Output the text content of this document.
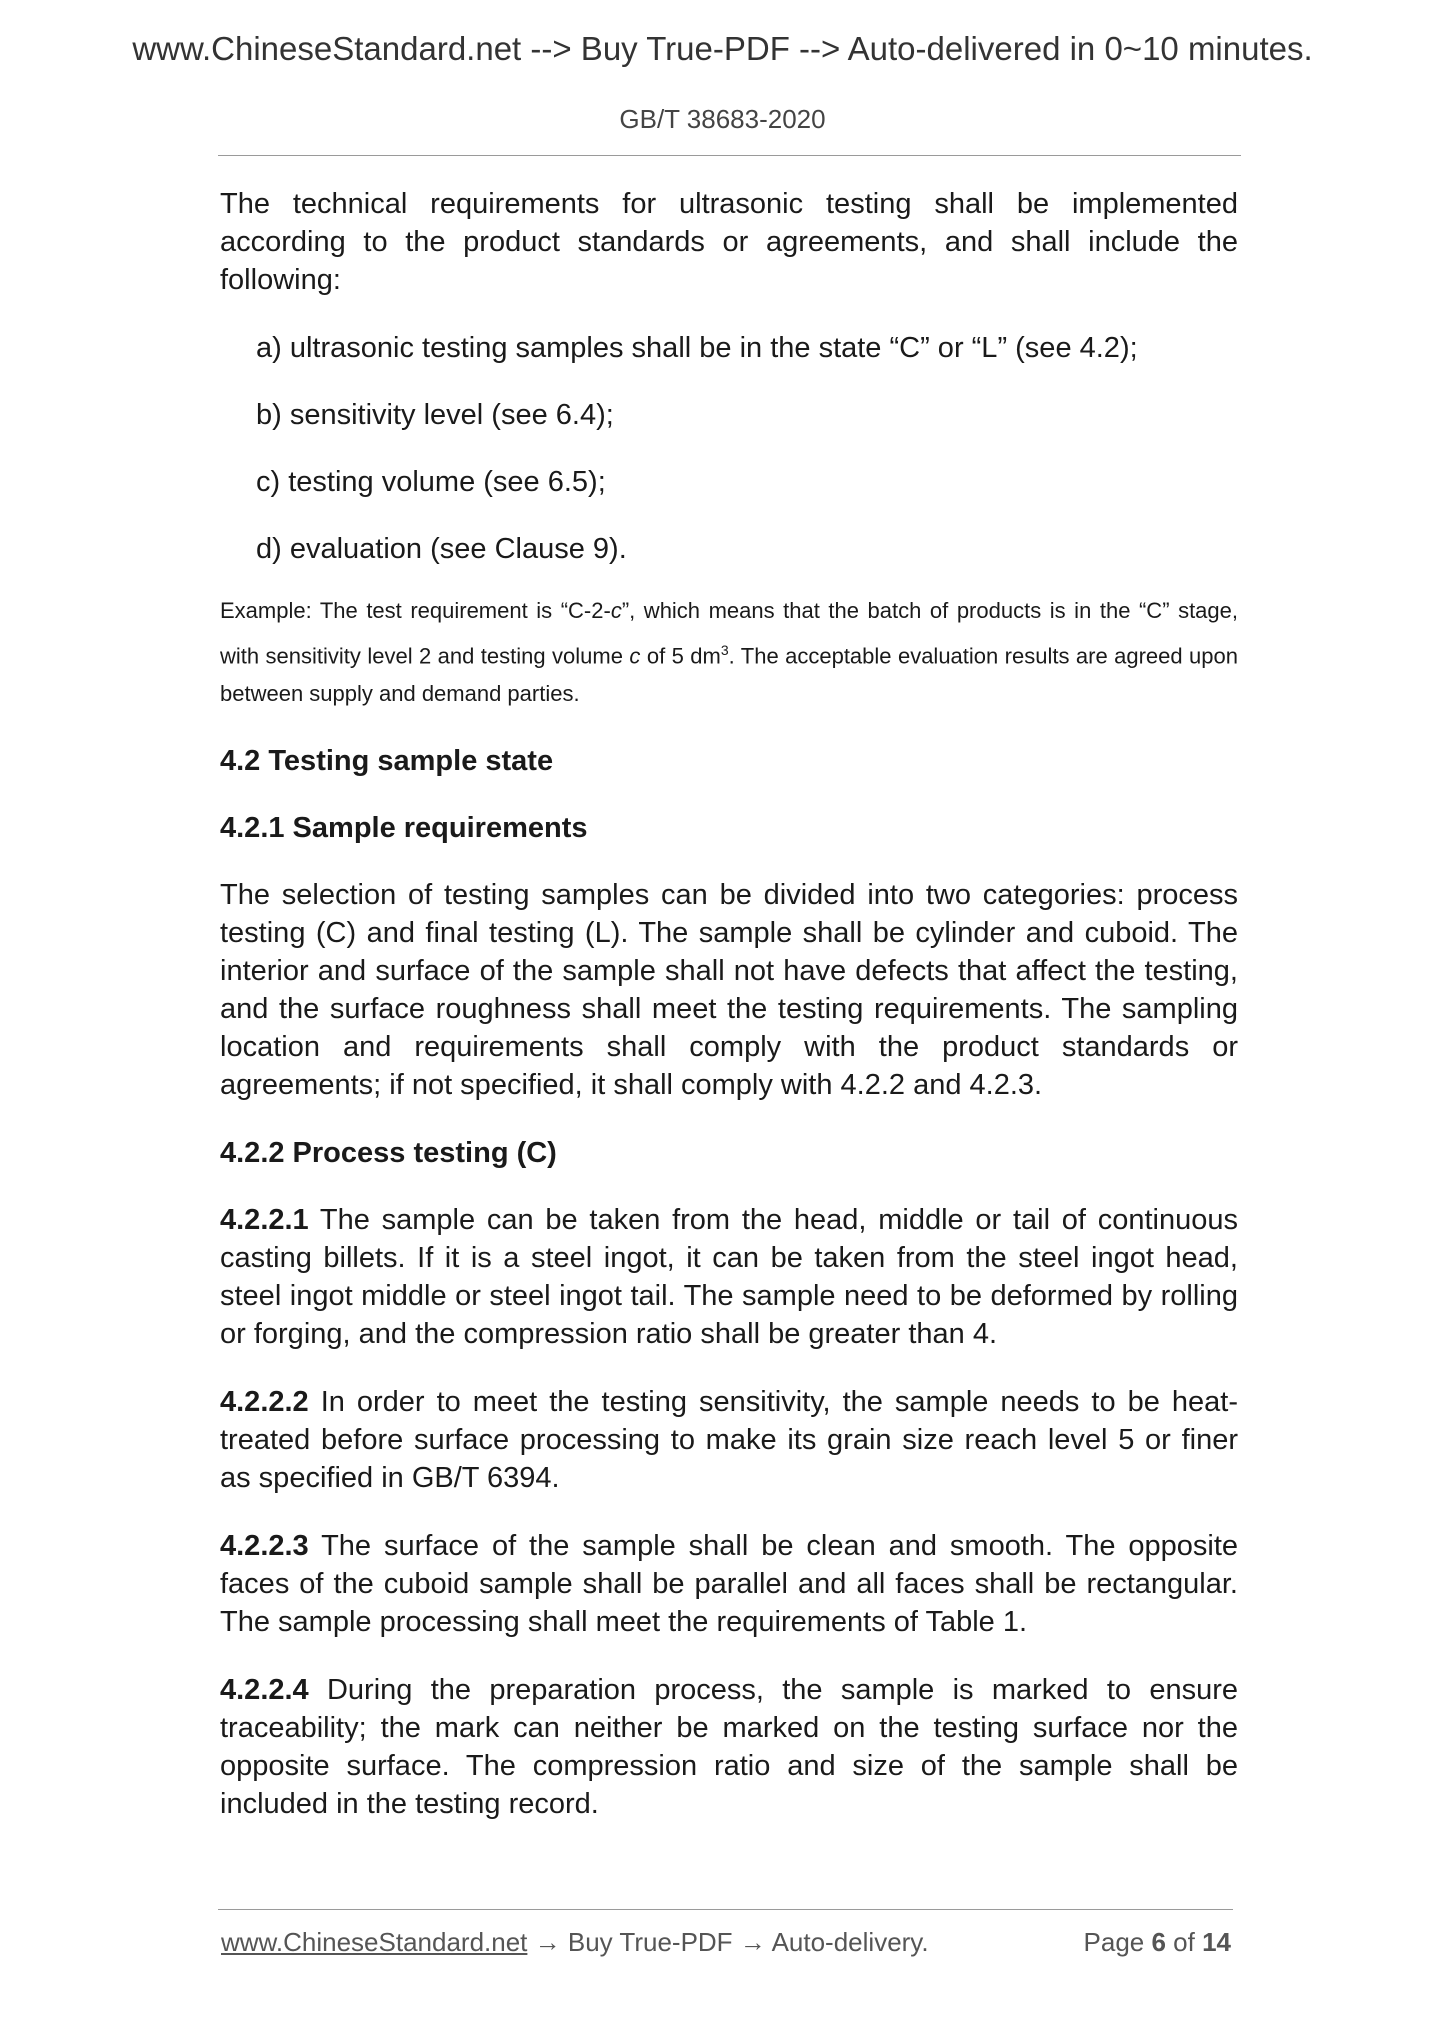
www.ChineseStandard.net --> Buy True-PDF --> Auto-delivered in 0~10 minutes.
GB/T 38683-2020

The technical requirements for ultrasonic testing shall be implemented according to the product standards or agreements, and shall include the following:

a) ultrasonic testing samples shall be in the state “C” or “L” (see 4.2);
b) sensitivity level (see 6.4);
c) testing volume (see 6.5);
d) evaluation (see Clause 9).

Example: The test requirement is “C-2-c”, which means that the batch of products is in the “C” stage, with sensitivity level 2 and testing volume c of 5 $dm^3$. The acceptable evaluation results are agreed upon between supply and demand parties.

4.2 Testing sample state
4.2.1 Sample requirements

The selection of testing samples can be divided into two categories: process testing (C) and final testing (L). The sample shall be cylinder and cuboid. The interior and surface of the sample shall not have defects that affect the testing, and the surface roughness shall meet the testing requirements. The sampling location and requirements shall comply with the product standards or agreements; if not specified, it shall comply with 4.2.2 and 4.2.3.

4.2.2 Process testing (C)

4.2.2.1 The sample can be taken from the head, middle or tail of continuous casting billets. If it is a steel ingot, it can be taken from the steel ingot head, steel ingot middle or steel ingot tail. The sample need to be deformed by rolling or forging, and the compression ratio shall be greater than 4.

4.2.2.2 In order to meet the testing sensitivity, the sample needs to be heat-treated before surface processing to make its grain size reach level 5 or finer as specified in GB/T 6394.

4.2.2.3 The surface of the sample shall be clean and smooth. The opposite faces of the cuboid sample shall be parallel and all faces shall be rectangular. The sample processing shall meet the requirements of Table 1.

4.2.2.4 During the preparation process, the sample is marked to ensure traceability; the mark can neither be marked on the testing surface nor the opposite surface. The compression ratio and size of the sample shall be included in the testing record.

www.ChineseStandard.net → Buy True-PDF → Auto-delivery.	Page 6 of 14
